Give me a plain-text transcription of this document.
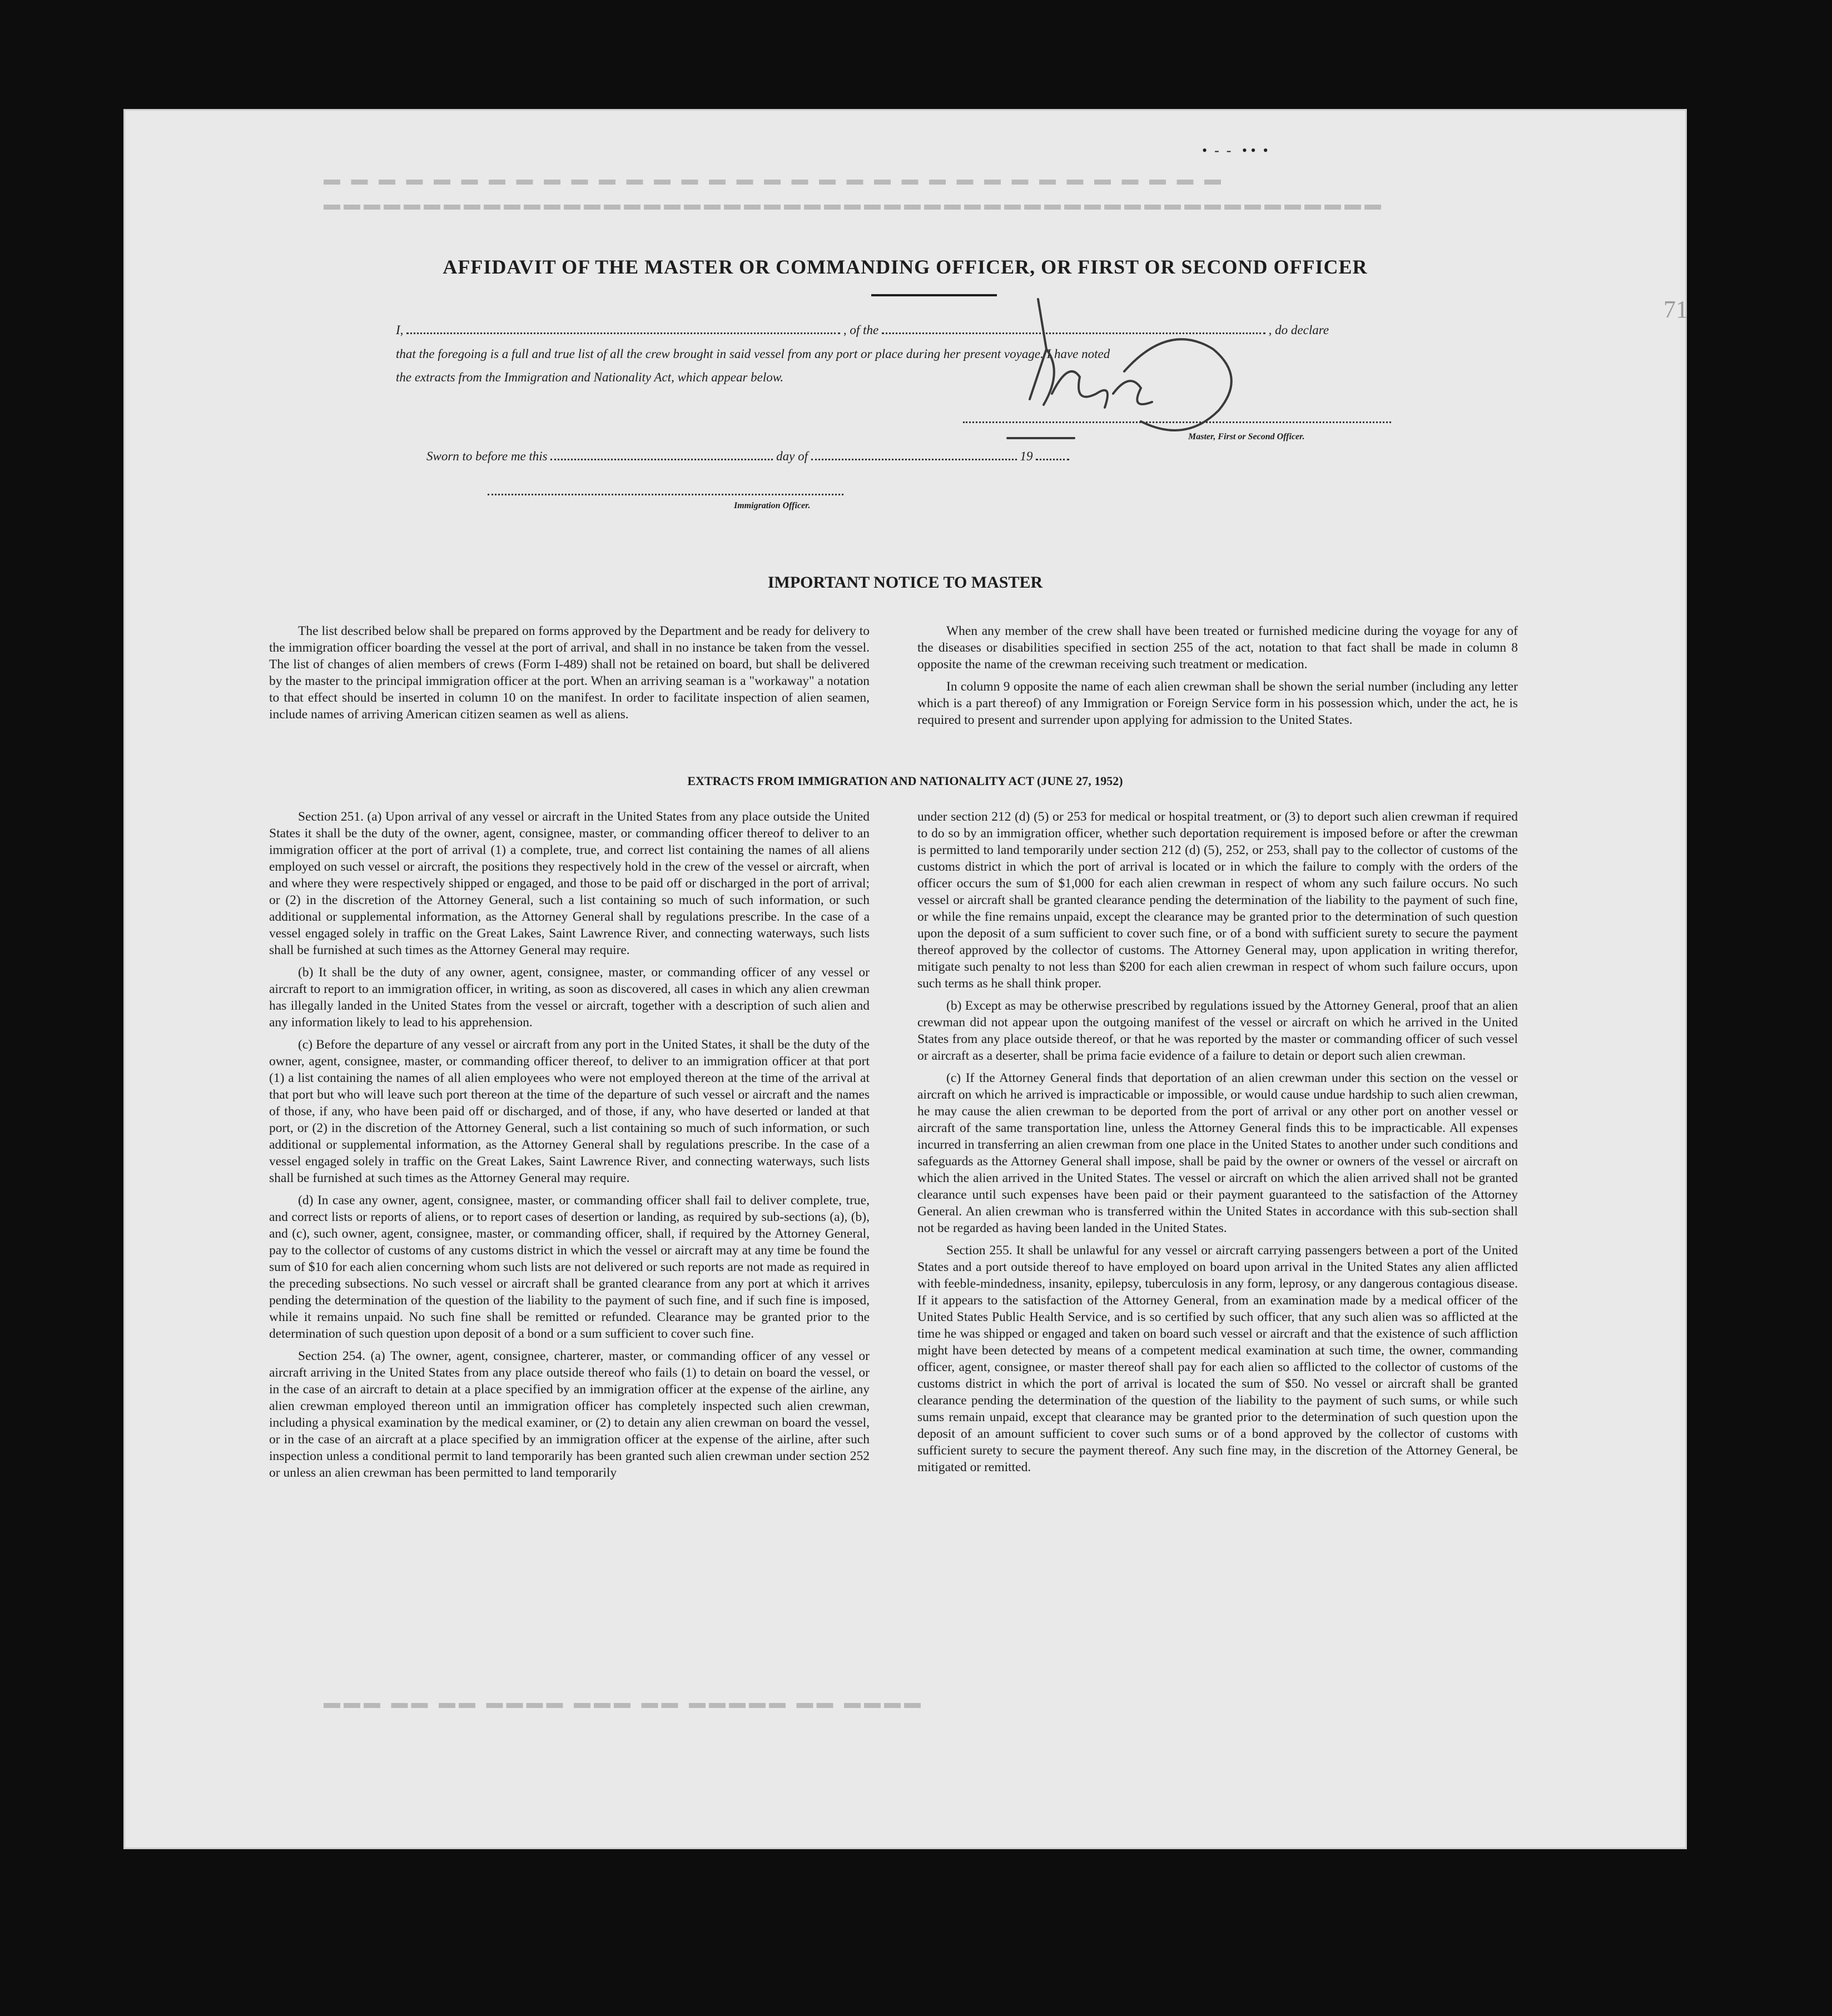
▬ ▬ ▬ ▬ ▬ ▬ ▬ ▬ ▬ ▬ ▬ ▬ ▬ ▬ ▬ ▬ ▬ ▬ ▬ ▬ ▬ ▬ ▬ ▬ ▬ ▬ ▬ ▬ ▬ ▬ ▬ ▬ ▬
▬▬▬▬▬▬▬▬▬▬▬▬▬▬▬▬▬▬▬▬▬▬▬▬▬▬▬▬▬▬▬▬▬▬▬▬▬▬▬▬▬▬▬▬▬▬▬▬▬▬▬▬▬
▬▬▬ ▬▬ ▬▬ ▬▬▬▬ ▬▬▬ ▬▬ ▬▬▬▬▬ ▬▬ ▬▬▬▬
•  -  -   • •  •
71
AFFIDAVIT OF THE MASTER OR COMMANDING OFFICER, OR FIRST OR SECOND OFFICER
I,	, of the	, do declare
that the foregoing is a full and true list of all the crew brought in said vessel from any port or place during her present voyage. I have noted
the extracts from the Immigration and Nationality Act, which appear below.
Master, First or Second Officer.
Sworn to before me this	day of	19
Immigration Officer.
IMPORTANT NOTICE TO MASTER

The list described below shall be prepared on forms approved by the Department and be ready for delivery to the immigration officer boarding the vessel at the port of arrival, and shall in no instance be taken from the vessel. The list of changes of alien members of crews (Form I-489) shall not be retained on board, but shall be delivered by the master to the principal immigration officer at the port. When an arriving seaman is a "workaway" a notation to that effect should be inserted in column 10 on the manifest. In order to facilitate inspection of alien seamen, include names of arriving American citizen seamen as well as aliens.

When any member of the crew shall have been treated or furnished medicine during the voyage for any of the diseases or disabilities specified in section 255 of the act, notation to that fact shall be made in column 8 opposite the name of the crewman receiving such treatment or medication.

In column 9 opposite the name of each alien crewman shall be shown the serial number (including any letter which is a part thereof) of any Immigration or Foreign Service form in his possession which, under the act, he is required to present and surrender upon applying for admission to the United States.

EXTRACTS FROM IMMIGRATION AND NATIONALITY ACT (JUNE 27, 1952)

Section 251. (a) Upon arrival of any vessel or aircraft in the United States from any place outside the United States it shall be the duty of the owner, agent, consignee, master, or commanding officer thereof to deliver to an immigration officer at the port of arrival (1) a complete, true, and correct list containing the names of all aliens employed on such vessel or aircraft, the positions they respectively hold in the crew of the vessel or aircraft, when and where they were respectively shipped or engaged, and those to be paid off or discharged in the port of arrival; or (2) in the discretion of the Attorney General, such a list containing so much of such information, or such additional or supplemental information, as the Attorney General shall by regulations prescribe. In the case of a vessel engaged solely in traffic on the Great Lakes, Saint Lawrence River, and connecting waterways, such lists shall be furnished at such times as the Attorney General may require.

(b) It shall be the duty of any owner, agent, consignee, master, or commanding officer of any vessel or aircraft to report to an immigration officer, in writing, as soon as discovered, all cases in which any alien crewman has illegally landed in the United States from the vessel or aircraft, together with a description of such alien and any information likely to lead to his apprehension.

(c) Before the departure of any vessel or aircraft from any port in the United States, it shall be the duty of the owner, agent, consignee, master, or commanding officer thereof, to deliver to an immigration officer at that port (1) a list containing the names of all alien employees who were not employed thereon at the time of the arrival at that port but who will leave such port thereon at the time of the departure of such vessel or aircraft and the names of those, if any, who have been paid off or discharged, and of those, if any, who have deserted or landed at that port, or (2) in the discretion of the Attorney General, such a list containing so much of such information, or such additional or supplemental information, as the Attorney General shall by regulations prescribe. In the case of a vessel engaged solely in traffic on the Great Lakes, Saint Lawrence River, and connecting waterways, such lists shall be furnished at such times as the Attorney General may require.

(d) In case any owner, agent, consignee, master, or commanding officer shall fail to deliver complete, true, and correct lists or reports of aliens, or to report cases of desertion or landing, as required by sub-sections (a), (b), and (c), such owner, agent, consignee, master, or commanding officer, shall, if required by the Attorney General, pay to the collector of customs of any customs district in which the vessel or aircraft may at any time be found the sum of $10 for each alien concerning whom such lists are not delivered or such reports are not made as required in the preceding subsections. No such vessel or aircraft shall be granted clearance from any port at which it arrives pending the determination of the question of the liability to the payment of such fine, and if such fine is imposed, while it remains unpaid. No such fine shall be remitted or refunded. Clearance may be granted prior to the determination of such question upon deposit of a bond or a sum sufficient to cover such fine.

Section 254. (a) The owner, agent, consignee, charterer, master, or commanding officer of any vessel or aircraft arriving in the United States from any place outside thereof who fails (1) to detain on board the vessel, or in the case of an aircraft to detain at a place specified by an immigration officer at the expense of the airline, any alien crewman employed thereon until an immigration officer has completely inspected such alien crewman, including a physical examination by the medical examiner, or (2) to detain any alien crewman on board the vessel, or in the case of an aircraft at a place specified by an immigration officer at the expense of the airline, after such inspection unless a conditional permit to land temporarily has been granted such alien crewman under section 252 or unless an alien crewman has been permitted to land temporarily

under section 212 (d) (5) or 253 for medical or hospital treatment, or (3) to deport such alien crewman if required to do so by an immigration officer, whether such deportation requirement is imposed before or after the crewman is permitted to land temporarily under section 212 (d) (5), 252, or 253, shall pay to the collector of customs of the customs district in which the port of arrival is located or in which the failure to comply with the orders of the officer occurs the sum of $1,000 for each alien crewman in respect of whom any such failure occurs. No such vessel or aircraft shall be granted clearance pending the determination of the liability to the payment of such fine, or while the fine remains unpaid, except the clearance may be granted prior to the determination of such question upon the deposit of a sum sufficient to cover such fine, or of a bond with sufficient surety to secure the payment thereof approved by the collector of customs. The Attorney General may, upon application in writing therefor, mitigate such penalty to not less than $200 for each alien crewman in respect of whom such failure occurs, upon such terms as he shall think proper.

(b) Except as may be otherwise prescribed by regulations issued by the Attorney General, proof that an alien crewman did not appear upon the outgoing manifest of the vessel or aircraft on which he arrived in the United States from any place outside thereof, or that he was reported by the master or commanding officer of such vessel or aircraft as a deserter, shall be prima facie evidence of a failure to detain or deport such alien crewman.

(c) If the Attorney General finds that deportation of an alien crewman under this section on the vessel or aircraft on which he arrived is impracticable or impossible, or would cause undue hardship to such alien crewman, he may cause the alien crewman to be deported from the port of arrival or any other port on another vessel or aircraft of the same transportation line, unless the Attorney General finds this to be impracticable. All expenses incurred in transferring an alien crewman from one place in the United States to another under such conditions and safeguards as the Attorney General shall impose, shall be paid by the owner or owners of the vessel or aircraft on which the alien arrived in the United States. The vessel or aircraft on which the alien arrived shall not be granted clearance until such expenses have been paid or their payment guaranteed to the satisfaction of the Attorney General. An alien crewman who is transferred within the United States in accordance with this sub-section shall not be regarded as having been landed in the United States.

Section 255. It shall be unlawful for any vessel or aircraft carrying passengers between a port of the United States and a port outside thereof to have employed on board upon arrival in the United States any alien afflicted with feeble-mindedness, insanity, epilepsy, tuberculosis in any form, leprosy, or any dangerous contagious disease. If it appears to the satisfaction of the Attorney General, from an examination made by a medical officer of the United States Public Health Service, and is so certified by such officer, that any such alien was so afflicted at the time he was shipped or engaged and taken on board such vessel or aircraft and that the existence of such affliction might have been detected by means of a competent medical examination at such time, the owner, commanding officer, agent, consignee, or master thereof shall pay for each alien so afflicted to the collector of customs of the customs district in which the port of arrival is located the sum of $50. No vessel or aircraft shall be granted clearance pending the determination of the question of the liability to the payment of such sums, or while such sums remain unpaid, except that clearance may be granted prior to the determination of such question upon the deposit of an amount sufficient to cover such sums or of a bond approved by the collector of customs with sufficient surety to secure the payment thereof. Any such fine may, in the discretion of the Attorney General, be mitigated or remitted.
